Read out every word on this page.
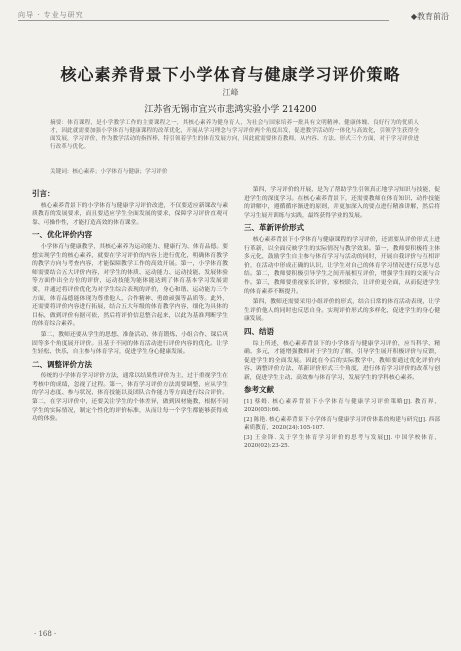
向导 · 专业与研究	◆教育前沿
核心素养背景下小学体育与健康学习评价策略
江峰
江苏省无锡市宜兴市悲鸿实验小学 214200
摘要：体育课程，是小学教学工作的主要课程之一，其核心素养为健身育人，为社会与国家培养一批具有文明精神、健康体魄、良好行为的优质人才，因此就需要加强小学体育与健康课程的改革优化，开展从学习理念与学习评价两个角度出发，促进教学活动的一体化与高效化，引领学生获得全面发展，学习评价，作为教学活动的指挥棒，特引领着学生的体育发展方向，因此就需要体育教师，从内容、方法、形式三个方面，对于学习评价进行改革与优化。
关键词：核心素养；小学体育与健康；学习评价
引言：

核心素养背景下的小学体育与健康学习评价改进，不仅要适应新课改与素质教育的发展要求，而且要适应学生全面发展的要求，保障学习评价直观可靠、可操作性，才能打造高效的体育课堂。

一、优化评价内容

小学体育与健康教学，其核心素养为运动能力、健康行为、体育品德。要想实现学生的核心素养，就要在学习评价的内容上进行优化，明确体育教学的教学方向与考查内容，才能保障教学工作的高效开展。第一，小学体育教师需要结合五大评价内容，对学生的体质、运动能力、运动技能、发展体验等方面作出全方位的评价，运动技能为能体能达到了体育基本学习发展需要，并通过将评价优化为对学生综合表现的评价，身心和谐、运动能力三个方面，体育品德能体现为尊重他人、合作精神、勇敢顽强等品质等。此外，还需要将评价内容进行拓展，结合五大年级的体育教学内容，细化为具体的目标，做到评价有据可依，然后将评价信息整合起来，以此为基准判断学生的体育综合素养。

第二，教师还要从学生的思想、准备活动、体育锻炼、小组合作、课后巩固等多个角度展开评价。且基于不同的体育活动进行评价内容的优化。让学生轻松、快乐，自主参与体育学习，促进学生身心健康发展。

二、调整评价方法

传统的小学体育学习评价方法，通常以结果性评价为主，过于重视学生在考核中的成绩，忽视了过程。第一，体育学习评价方法需要调整，应从学生的学习态度、参与状况、体育技能以及团队合作能力等方面进行综合评价。第二，在学习评价中，还要关注学生的个体差异，做到因材施教，根据不同学生的实际情况，制定个性化的评价标准，从而让每一个学生都能够获得成功的体验。

第四，学习评价的开展，是为了帮助学生引领真正地学习知识与技能，促进学生的深度学习。在核心素养背景下，还需要教师在体育知识、动作技能的讲解中，遵循循序渐进的原则，并更加深入的要点进行精准讲解，然后将学习生展开训练与实践，最终获得学业的发展。

三、革新评价形式

核心素养背景下小学体育与健康课程的学习评价，还需要从评价形式上进行革新，以全面反映学生的实际情况与教学效果。第一，教师要积极将主体多元化，鼓励学生自主参与体育学习与活动的同时，开展自我评价与互相评价，在活动中形成正确的认识，让学生对自己的体育学习情况进行反思与总结。第二，教师要积极引导学生之间开展相互评价，增强学生间的交流与合作。第三，教师要重视家长评价，家校联合，让评价更全面，从而促进学生的体育素养不断提升。

第四，教师还需要采用小组评价的形式，结合日常的体育活动表现，让学生评价他人的同时也反思自身。实现评价形式的多样化，促进学生的身心健康发展。

四、结语

综上所述，核心素养背景下的小学体育与健康学习评价，应当科学、精确、多元，才能增强教师对于学生的了解，引导学生展开积极评价与反馈，促进学生的全面发展。因此在今后的实际教学中，教师要通过优化评价内容、调整评价方法、革新评价形式三个角度，进行体育学习评价的改革与创新，促进学生主动、高效参与体育学习，发展学生的学科核心素养。

参考文献
[1] 蔡姆. 核心素养背景下小学体育与健康学习评价策略[J]. 教育界，2020(05):66.
[2] 陈艳. 核心素养背景下小学体育与健康学习评价体系的构建与研究[J]. 西部素质教育，2020(24):105-107.
[3] 王金锋. 关于学生体育学习评价的思考与发展[J]. 中国学校体育，2020(02):23-25.
· 168 ·
